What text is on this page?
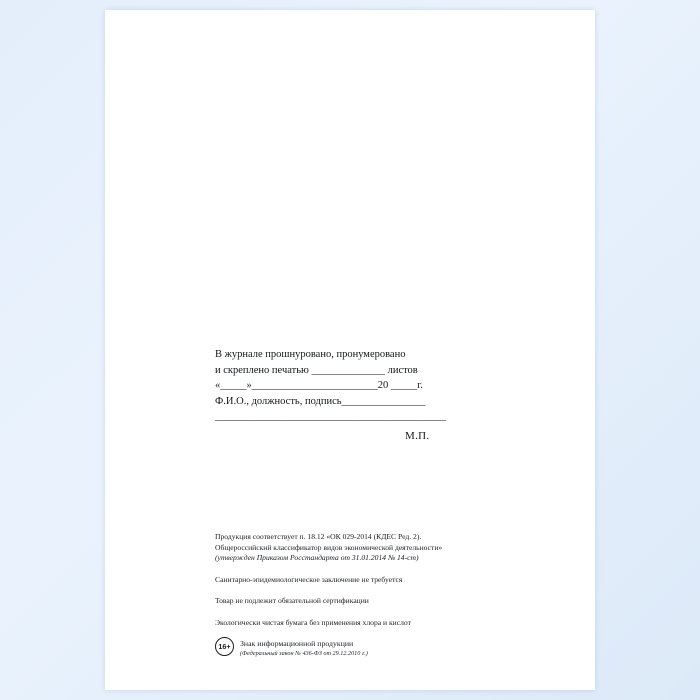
В журнале прошнуровано, пронумеровано
и скреплено печатью ______________ листов
«_____»________________________20 _____г.
Ф.И.О., должность, подпись________________
____________________________________________
М.П.
Продукция соответствует п. 18.12 «ОК 029-2014 (КДЕС Ред. 2).
Общероссийский классификатор видов экономической деятельности»
(утвержден Приказом Росстандарта от 31.01.2014 № 14-ст)
Санитарно-эпидемиологическое заключение не требуется
Товар не подлежит обязательной сертификации
Экологически чистая бумага без применения хлора и кислот
16+	Знак информационной продукции
(Федеральный закон № 436-ФЗ от 29.12.2010 г.)
